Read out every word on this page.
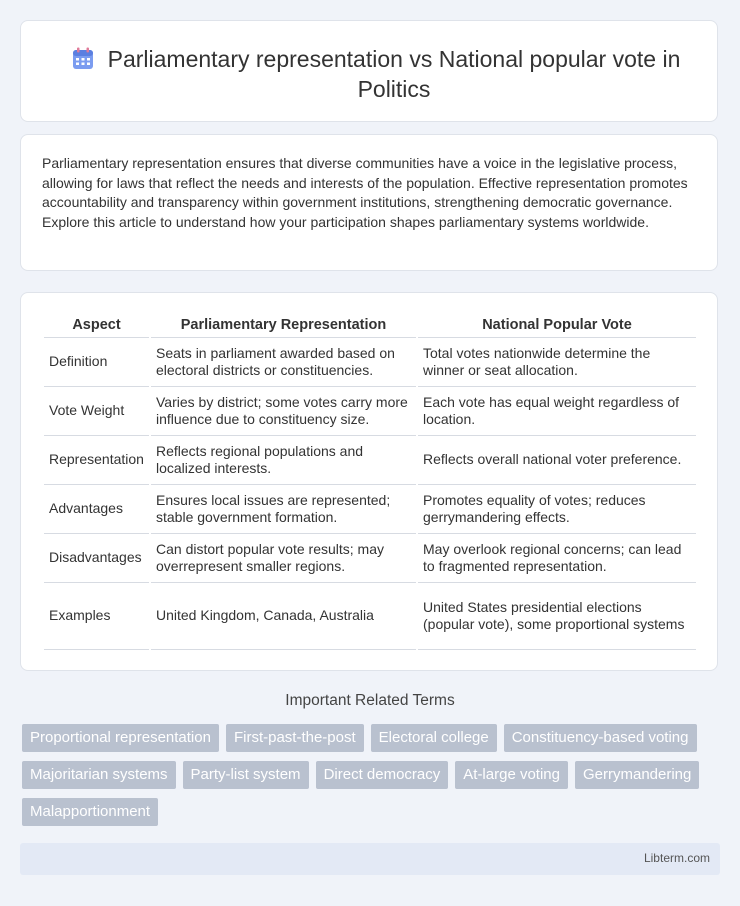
Parliamentary representation vs National popular vote in Politics

Parliamentary representation ensures that diverse communities have a voice in the legislative process, allowing for laws that reflect the needs and interests of the population. Effective representation promotes accountability and transparency within government institutions, strengthening democratic governance. Explore this article to understand how your participation shapes parliamentary systems worldwide.

Aspect	Parliamentary Representation	National Popular Vote
Definition	Seats in parliament awarded based on electoral districts or constituencies.	Total votes nationwide determine the winner or seat allocation.
Vote Weight	Varies by district; some votes carry more influence due to constituency size.	Each vote has equal weight regardless of location.
Representation	Reflects regional populations and localized interests.	Reflects overall national voter preference.
Advantages	Ensures local issues are represented; stable government formation.	Promotes equality of votes; reduces gerrymandering effects.
Disadvantages	Can distort popular vote results; may overrepresent smaller regions.	May overlook regional concerns; can lead to fragmented representation.
Examples	United Kingdom, Canada, Australia	United States presidential elections (popular vote), some proportional systems
Important Related Terms
Proportional representation	First-past-the-post	Electoral college	Constituency-based voting
Majoritarian systems	Party-list system	Direct democracy	At-large voting	Gerrymandering
Malapportionment
Libterm.com
